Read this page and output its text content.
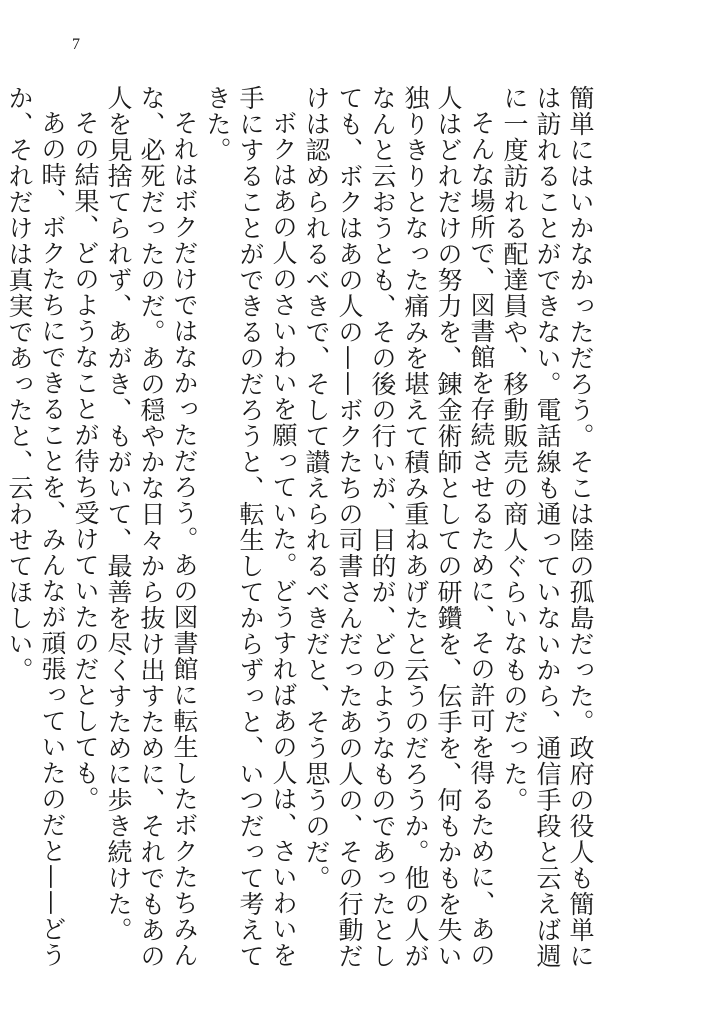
7

簡単にはいかなかっただろう。そこは陸の孤島だった。政府の役人も簡単には訪れることができない。電話線も通っていないから、通信手段と云えば週に一度訪れる配達員や、移動販売の商人ぐらいなものだった。

そんな場所で、図書館を存続させるために、その許可を得るために、あの人はどれだけの努力を、錬金術師としての研鑽を、伝手を、何もかもを失い独りきりとなった痛みを堪えて積み重ねあげたと云うのだろうか。他の人がなんと云おうとも、その後の行いが、目的が、どのようなものであったとしても、ボクはあの人の——ボクたちの司書さんだったあの人の、その行動だけは認められるべきで、そして讃えられるべきだと、そう思うのだ。

ボクはあの人のさいわいを願っていた。どうすればあの人は、さいわいを手にすることができるのだろうと、転生してからずっと、いつだって考えてきた。

それはボクだけではなかっただろう。あの図書館に転生したボクたちみんな、必死だったのだ。あの穏やかな日々から抜け出すために、それでもあの人を見捨てられず、あがき、もがいて、最善を尽くすために歩き続けた。

その結果、どのようなことが待ち受けていたのだとしても。

あの時、ボクたちにできることを、みんなが頑張っていたのだと——どうか、それだけは真実であったと、云わせてほしい。
